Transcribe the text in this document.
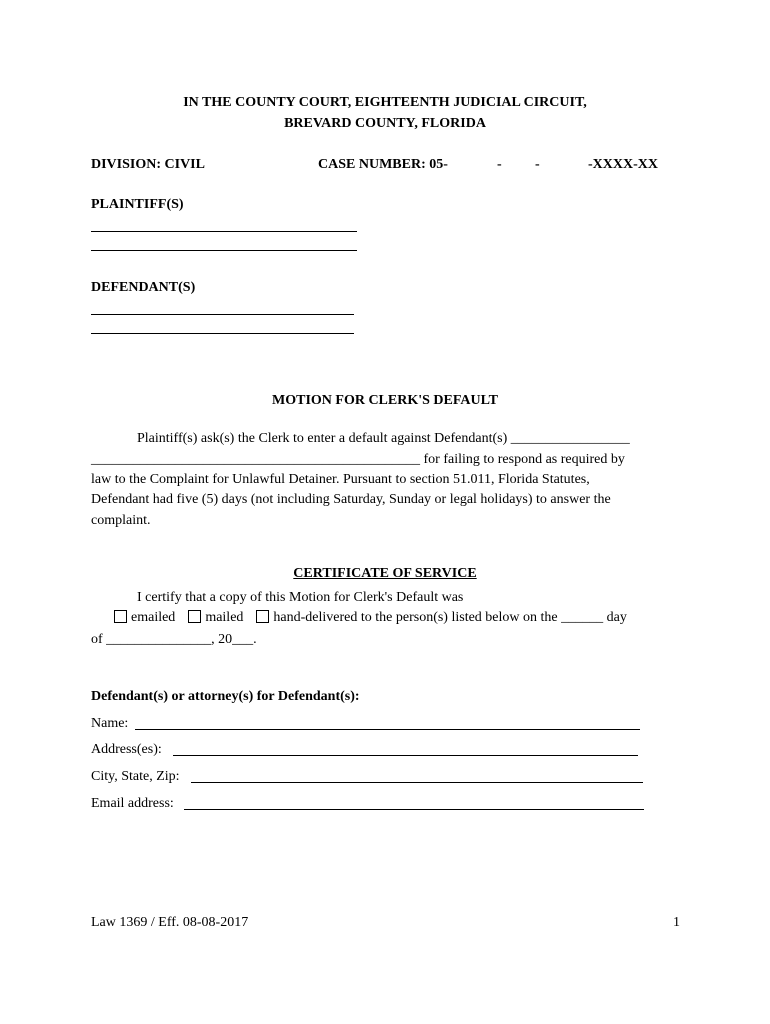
IN THE COUNTY COURT, EIGHTEENTH JUDICIAL CIRCUIT,
BREVARD COUNTY, FLORIDA
DIVISION: CIVIL	CASE NUMBER: 05-	- -	-XXXX-XX
PLAINTIFF(S)
DEFENDANT(S)
MOTION FOR CLERK'S DEFAULT
Plaintiff(s) ask(s) the Clerk to enter a default against Defendant(s) _________________
_______________________________________________ for failing to respond as required by
law to the Complaint for Unlawful Detainer. Pursuant to section 51.011, Florida Statutes,
Defendant had five (5) days (not including Saturday, Sunday or legal holidays) to answer the
complaint.
CERTIFICATE OF SERVICE
I certify that a copy of this Motion for Clerk's Default was
emailed mailed hand-delivered to the person(s) listed below on the ______ day
of _______________, 20___.
Defendant(s) or attorney(s) for Defendant(s):
Name:
Address(es):
City, State, Zip:
Email address:
Law 1369 / Eff. 08-08-2017	1
